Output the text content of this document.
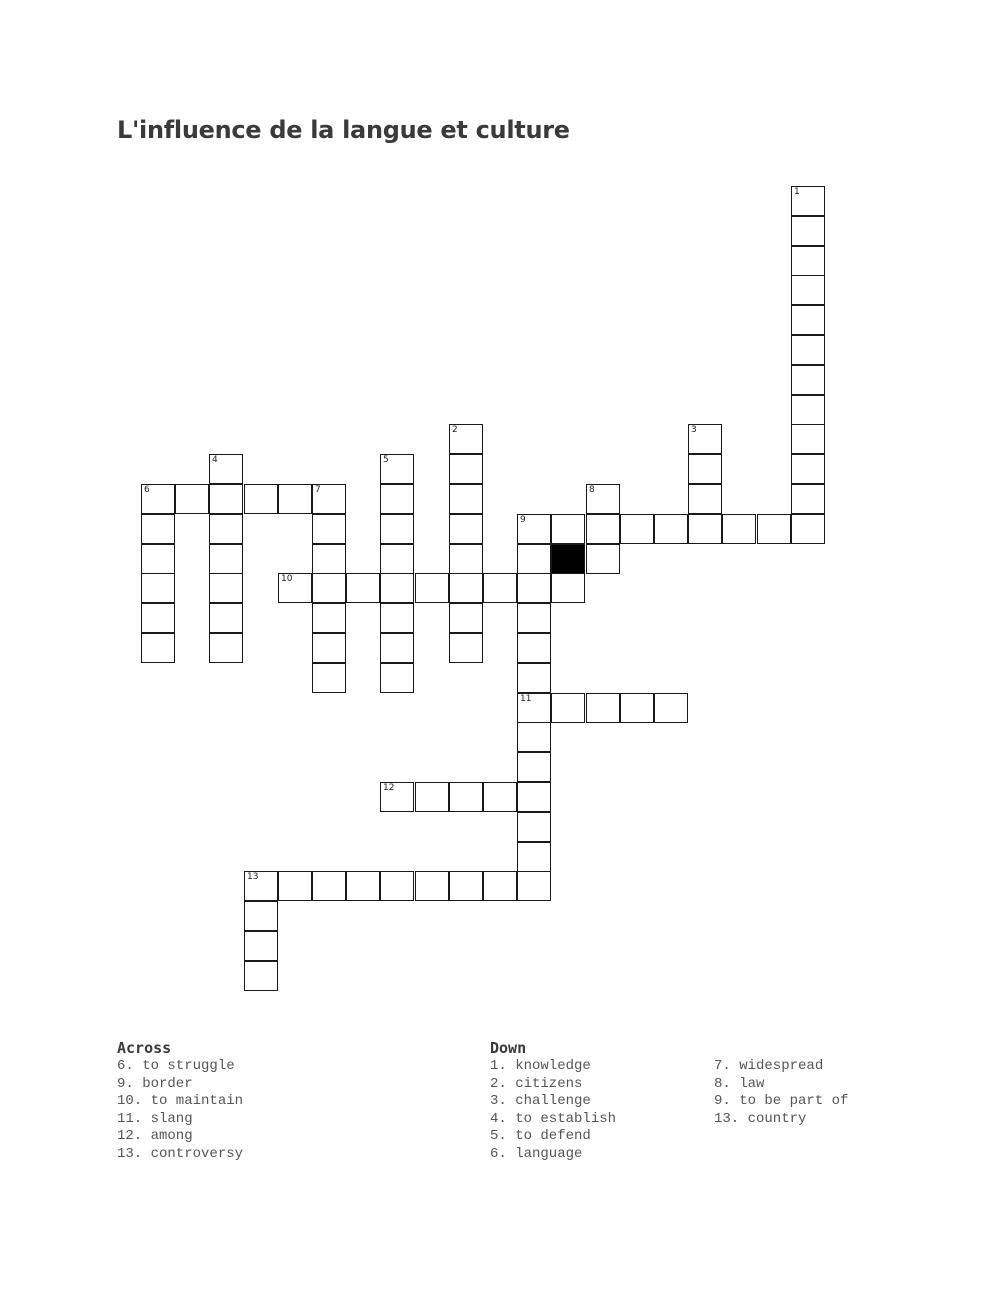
L'influence de la langue et culture
6	7
9
10
11
12
13
1
2	3
4	5
8
Across
6. to struggle
9. border
10. to maintain
11. slang
12. among
13. controversy
Down
1. knowledge
2. citizens
3. challenge
4. to establish
5. to defend
6. language
7. widespread
8. law
9. to be part of
13. country
